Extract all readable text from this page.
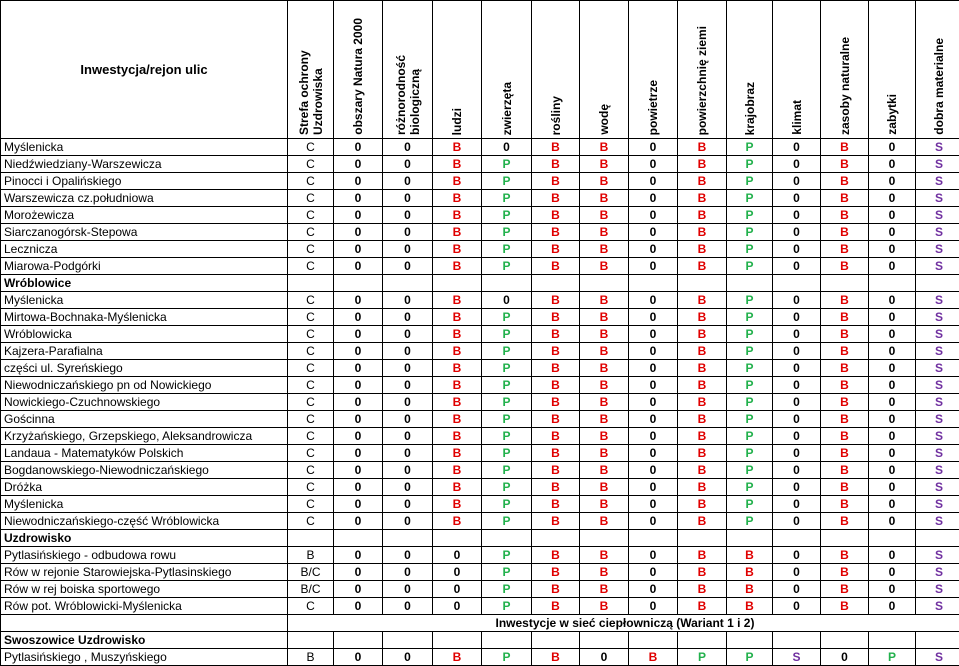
Inwestycja/rejon ulic	Strefa ochrony Uzdrowiska	obszary Natura 2000	różnorodność biologiczną	ludzi	zwierzęta	rośliny	wodę	powietrze	powierzchnię ziemi	krajobraz	klimat	zasoby naturalne	zabytki	dobra materialne
Myślenicka	C	0	0	B	0	B	B	0	B	P	0	B	0	S
Niedźwiedziany-Warszewicza	C	0	0	B	P	B	B	0	B	P	0	B	0	S
Pinocci i Opalińskiego	C	0	0	B	P	B	B	0	B	P	0	B	0	S
Warszewicza cz.południowa	C	0	0	B	P	B	B	0	B	P	0	B	0	S
Morożewicza	C	0	0	B	P	B	B	0	B	P	0	B	0	S
Siarczanogórsk-Stepowa	C	0	0	B	P	B	B	0	B	P	0	B	0	S
Lecznicza	C	0	0	B	P	B	B	0	B	P	0	B	0	S
Miarowa-Podgórki	C	0	0	B	P	B	B	0	B	P	0	B	0	S
Wróblowice														
Myślenicka	C	0	0	B	0	B	B	0	B	P	0	B	0	S
Mirtowa-Bochnaka-Myślenicka	C	0	0	B	P	B	B	0	B	P	0	B	0	S
Wróblowicka	C	0	0	B	P	B	B	0	B	P	0	B	0	S
Kajzera-Parafialna	C	0	0	B	P	B	B	0	B	P	0	B	0	S
części ul. Syreńskiego	C	0	0	B	P	B	B	0	B	P	0	B	0	S
Niewodniczańskiego pn od Nowickiego	C	0	0	B	P	B	B	0	B	P	0	B	0	S
Nowickiego-Czuchnowskiego	C	0	0	B	P	B	B	0	B	P	0	B	0	S
Gościnna	C	0	0	B	P	B	B	0	B	P	0	B	0	S
Krzyżańskiego, Grzepskiego, Aleksandrowicza	C	0	0	B	P	B	B	0	B	P	0	B	0	S
Landaua - Matematyków Polskich	C	0	0	B	P	B	B	0	B	P	0	B	0	S
Bogdanowskiego-Niewodniczańskiego	C	0	0	B	P	B	B	0	B	P	0	B	0	S
Dróżka	C	0	0	B	P	B	B	0	B	P	0	B	0	S
Myślenicka	C	0	0	B	P	B	B	0	B	P	0	B	0	S
Niewodniczańskiego-część Wróblowicka	C	0	0	B	P	B	B	0	B	P	0	B	0	S
Uzdrowisko														
Pytlasińskiego - odbudowa rowu	B	0	0	0	P	B	B	0	B	B	0	B	0	S
Rów w rejonie Starowiejska-Pytlasinskiego	B/C	0	0	0	P	B	B	0	B	B	0	B	0	S
Rów w rej boiska sportowego	B/C	0	0	0	P	B	B	0	B	B	0	B	0	S
Rów pot. Wróblowicki-Myślenicka	C	0	0	0	P	B	B	0	B	B	0	B	0	S
	Inwestycje w sieć ciepłowniczą (Wariant 1 i 2)													
Swoszowice Uzdrowisko														
Pytlasińskiego , Muszyńskiego	B	0	0	B	P	B	0	B	P	P	S	0	P	S
